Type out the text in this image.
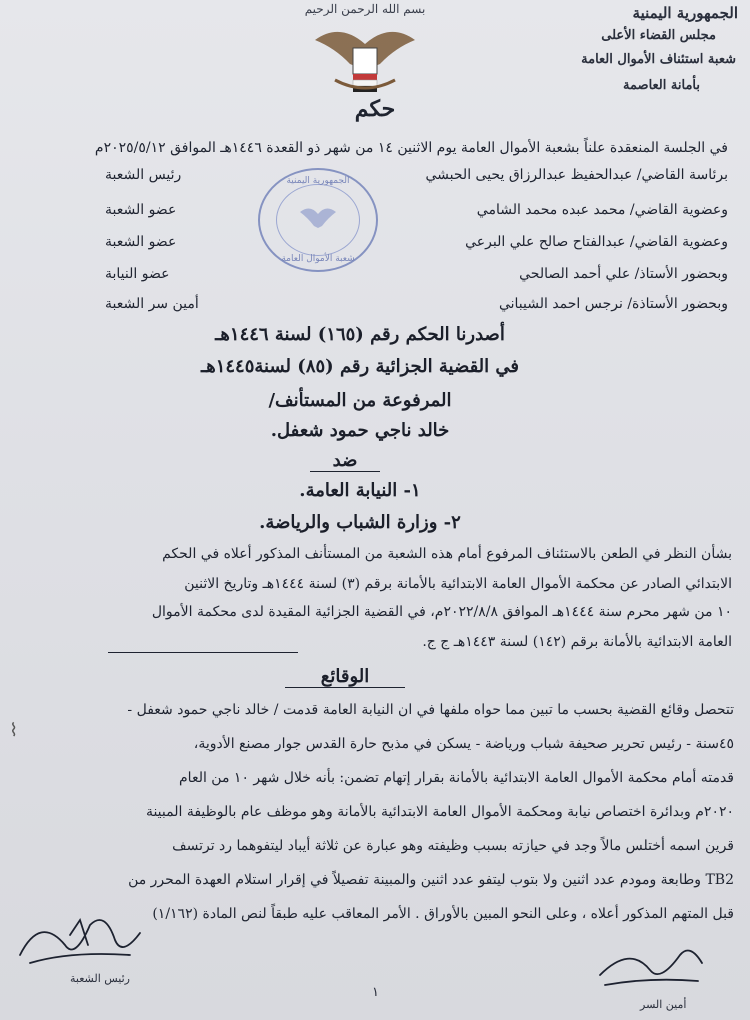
بسم الله الرحمن الرحيم	الجمهورية اليمنية
مجلس القضاء الأعلى
شعبة استئناف الأموال العامة
بأمانة العاصمة
حكم
في الجلسة المنعقدة علناً بشعبة الأموال العامة يوم الاثنين ١٤ من شهر ذو القعدة ١٤٤٦هـ الموافق ٢٠٢٥/٥/١٢م
برئاسة القاضي/ عبدالحفيظ عبدالرزاق يحيى الحبشي
رئيس الشعبة
وعضوية القاضي/ محمد عبده محمد الشامي
عضو الشعبة
وعضوية القاضي/ عبدالفتاح صالح علي البرعي
عضو الشعبة
وبحضور الأستاذ/ علي أحمد الصالحي
عضو النيابة
وبحضور الأستاذة/ نرجس احمد الشيباني
أمين سر الشعبة
الجمهورية اليمنية
شعبة الأموال العامة
أصدرنا الحكم رقم (١٦٥) لسنة ١٤٤٦هـ
في القضية الجزائية رقم (٨٥) لسنة١٤٤٥هـ
المرفوعة من المستأنف/
خالد ناجي حمود شعفل.
ضد
١- النيابة العامة.
٢- وزارة الشباب والرياضة.
بشأن النظر في الطعن بالاستئناف المرفوع أمام هذه الشعبة من المستأنف المذكور أعلاه في الحكم
الابتدائي الصادر عن محكمة الأموال العامة الابتدائية بالأمانة برقم (٣) لسنة ١٤٤٤هـ وتاريخ الاثنين
١٠ من شهر محرم سنة ١٤٤٤هـ الموافق ٢٠٢٢/٨/٨م، في القضية الجزائية المقيدة لدى محكمة الأموال
العامة الابتدائية بالأمانة برقم (١٤٢) لسنة ١٤٤٣هـ ج ج.
الوقائع
تتحصل وقائع القضية بحسب ما تبين مما حواه ملفها في ان النيابة العامة قدمت / خالد ناجي حمود شعفل -
٤٥سنة - رئيس تحرير صحيفة شباب ورياضة - يسكن في مذبح حارة القدس جوار مصنع الأدوية،
قدمته أمام محكمة الأموال العامة الابتدائية بالأمانة بقرار إتهام تضمن: بأنه خلال شهر ١٠ من العام
٢٠٢٠م وبدائرة اختصاص نيابة ومحكمة الأموال العامة الابتدائية بالأمانة وهو موظف عام بالوظيفة المبينة
قرين اسمه أختلس مالاً وجد في حيازته بسبب وظيفته وهو عبارة عن ثلاثة أيباد ليتفوهما رد ترتسف
TB2 وطابعة ومودم عدد اثنين ولا بتوب ليتفو عدد اثنين والمبينة تفصيلاً في إقرار استلام العهدة المحرر من
قبل المتهم المذكور أعلاه ، وعلى النحو المبين بالأوراق . الأمر المعاقب عليه طبقاً لنص المادة (١/١٦٢)
⌇
رئيس الشعبة
أمين السر
١
